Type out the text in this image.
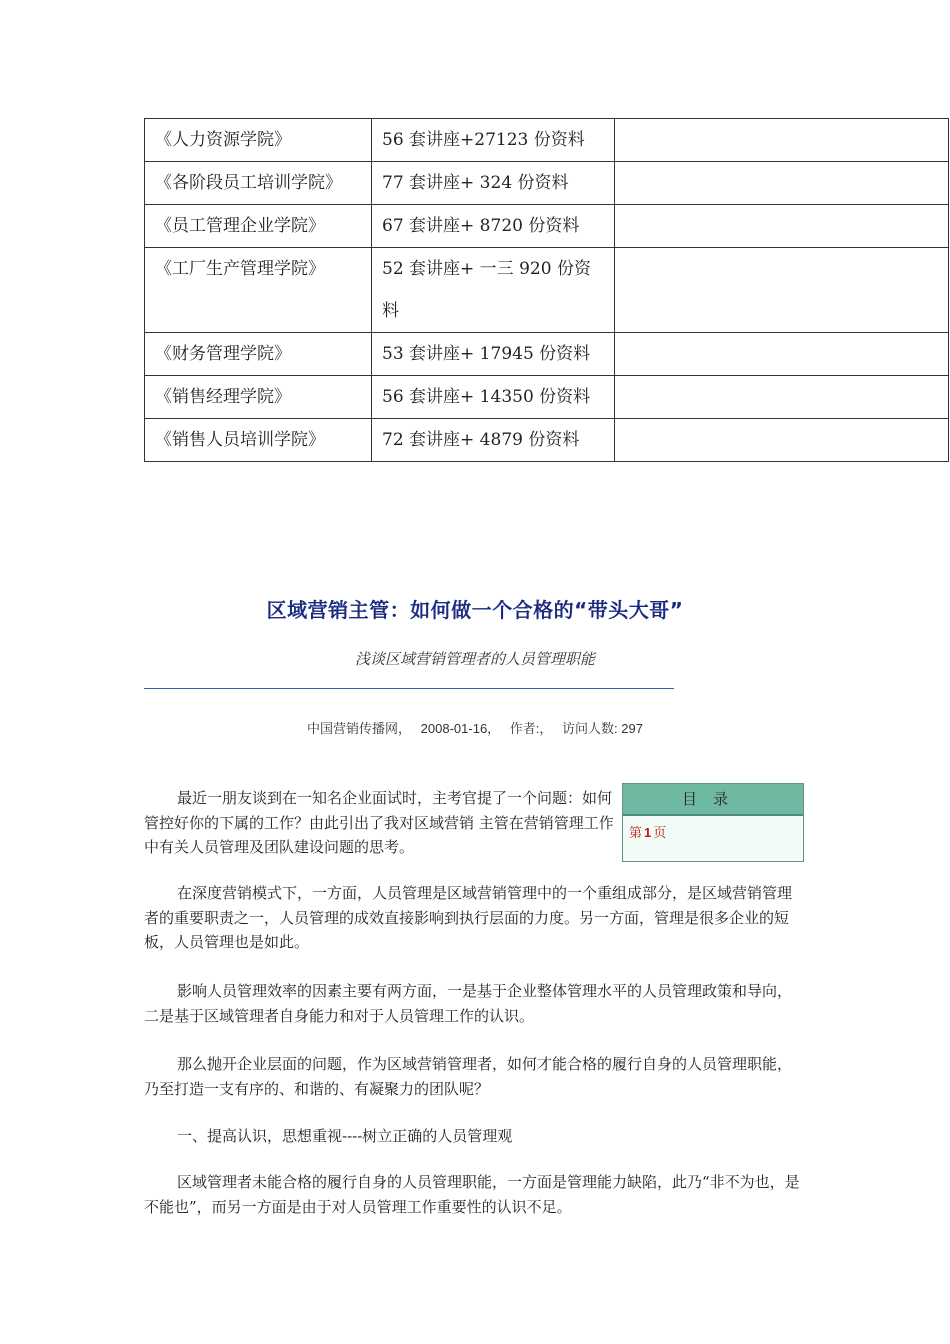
《人力资源学院》	56 套讲座+27123 份资料	
《各阶段员工培训学院》	77 套讲座+ 324 份资料	
《员工管理企业学院》	67 套讲座+ 8720 份资料	
《工厂生产管理学院》	52 套讲座+ 一三 920 份资料	
《财务管理学院》	53 套讲座+ 17945 份资料	
《销售经理学院》	56 套讲座+ 14350 份资料	
《销售人员培训学院》	72 套讲座+ 4879 份资料	
区域营销主管：如何做一个合格的“带头大哥”
浅谈区域营销管理者的人员管理职能
中国营销传播网， 2008-01-16， 作者:， 访问人数: 297

最近一朋友谈到在一知名企业面试时，主考官提了一个问题：如何管控好你的下属的工作？由此引出了我对区域营销 主管在营销管理工作中有关人员管理及团队建设问题的思考。

目录
第 1 页

在深度营销模式下，一方面，人员管理是区域营销管理中的一个重组成部分，是区域营销管理者的重要职责之一，人员管理的成效直接影响到执行层面的力度。另一方面，管理是很多企业的短板，人员管理也是如此。

影响人员管理效率的因素主要有两方面，一是基于企业整体管理水平的人员管理政策和导向，二是基于区域管理者自身能力和对于人员管理工作的认识。

那么抛开企业层面的问题，作为区域营销管理者，如何才能合格的履行自身的人员管理职能，乃至打造一支有序的、和谐的、有凝聚力的团队呢？

一、提高认识，思想重视----树立正确的人员管理观

区域管理者未能合格的履行自身的人员管理职能，一方面是管理能力缺陷，此乃“非不为也，是不能也”，而另一方面是由于对人员管理工作重要性的认识不足。
